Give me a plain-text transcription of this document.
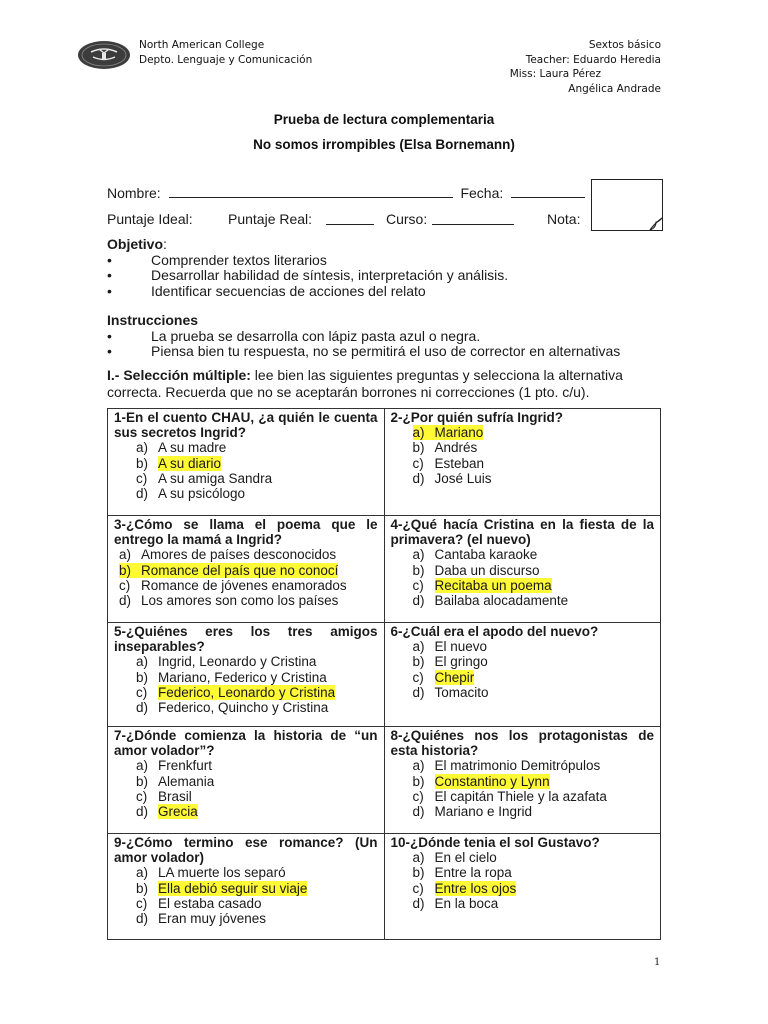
North American College
Depto. Lenguaje y Comunicación
Sextos básico
Teacher: Eduardo Heredia
Miss: Laura Pérez
Angélica Andrade
Prueba de lectura complementaria
No somos irrompibles (Elsa Bornemann)
Nombre:	Fecha:
Puntaje Ideal:	Puntaje Real:	Curso:	Nota:
Objetivo:
• Comprender textos literarios
• Desarrollar habilidad de síntesis, interpretación y análisis.
• Identificar secuencias de acciones del relato
Instrucciones
• La prueba se desarrolla con lápiz pasta azul o negra.
• Piensa bien tu respuesta, no se permitirá el uso de corrector en alternativas
I.- Selección múltiple: lee bien las siguientes preguntas y selecciona la alternativa correcta. Recuerda que no se aceptarán borrones ni correcciones (1 pto. c/u).
1-En el cuento CHAU, ¿a quién le cuenta sus secretos Ingrid?
a) A su madre
b) A su diario
c) A su amiga Sandra
d) A su psicólogo

2-¿Por quién sufría Ingrid?
a) Mariano
b) Andrés
c) Esteban
d) José Luis

3-¿Cómo se llama el poema que le entrego la mamá a Ingrid?
a) Amores de países desconocidos
b) Romance del país que no conocí
c) Romance de jóvenes enamorados
d) Los amores son como los países

4-¿Qué hacía Cristina en la fiesta de la primavera? (el nuevo)
a) Cantaba karaoke
b) Daba un discurso
c) Recitaba un poema
d) Bailaba alocadamente

5-¿Quiénes eres los tres amigos inseparables?
a) Ingrid, Leonardo y Cristina
b) Mariano, Federico y Cristina
c) Federico, Leonardo y Cristina
d) Federico, Quincho y Cristina

6-¿Cuál era el apodo del nuevo?
a) El nuevo
b) El gringo
c) Chepir
d) Tomacito

7-¿Dónde comienza la historia de “un amor volador”?
a) Frenkfurt
b) Alemania
c) Brasil
d) Grecia

8-¿Quiénes nos los protagonistas de esta historia?
a) El matrimonio Demitrópulos
b) Constantino y Lynn
c) El capitán Thiele y la azafata
d) Mariano e Ingrid

9-¿Cómo termino ese romance? (Un amor volador)
a) LA muerte los separó
b) Ella debió seguir su viaje
c) El estaba casado
d) Eran muy jóvenes

10-¿Dónde tenia el sol Gustavo?
a) En el cielo
b) Entre la ropa
c) Entre los ojos
d) En la boca
1
